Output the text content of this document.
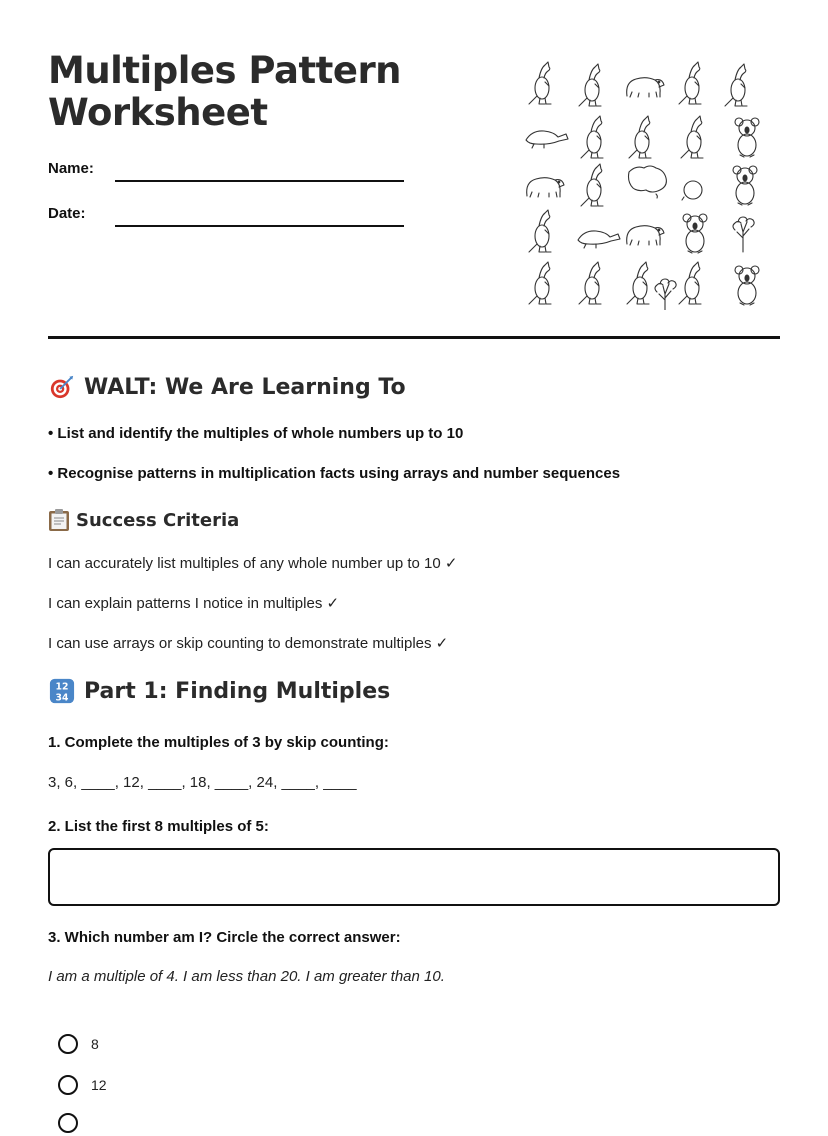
Multiples Pattern
Worksheet
Name:
Date:
WALT: We Are Learning To
• List and identify the multiples of whole numbers up to 10
• Recognise patterns in multiplication facts using arrays and number sequences
Success Criteria
I can accurately list multiples of any whole number up to 10 ✓
I can explain patterns I notice in multiples ✓
I can use arrays or skip counting to demonstrate multiples ✓
12
34 Part 1: Finding Multiples
1. Complete the multiples of 3 by skip counting:
3, 6, ____, 12, ____, 18, ____, 24, ____, ____
2. List the first 8 multiples of 5:
3. Which number am I? Circle the correct answer:
I am a multiple of 4. I am less than 20. I am greater than 10.
8
12
